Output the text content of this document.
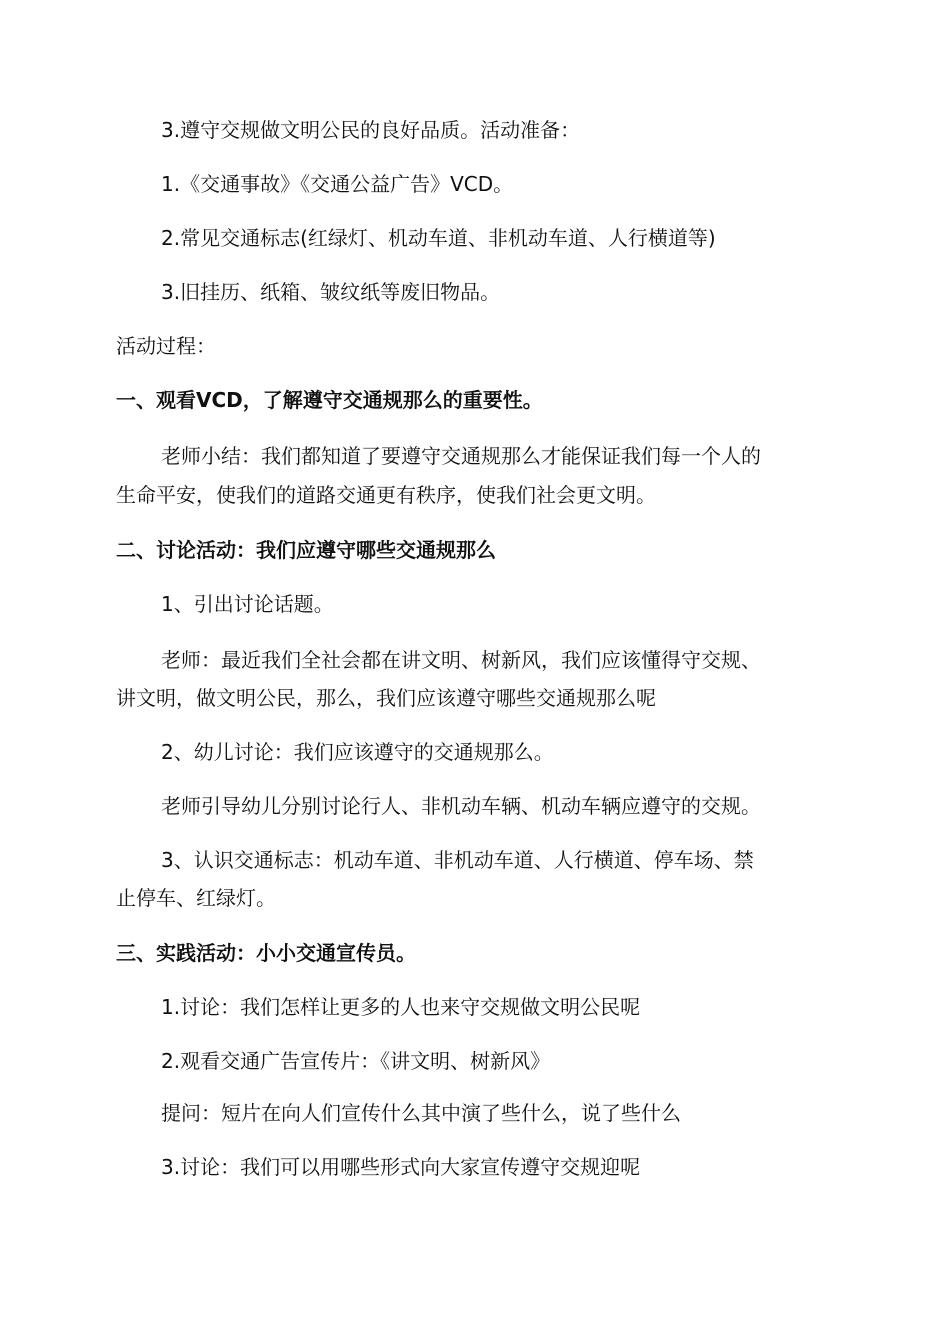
3.遵守交规做文明公民的良好品质。活动准备：

1.《交通事故》《交通公益广告》VCD。

2.常见交通标志(红绿灯、机动车道、非机动车道、人行横道等)

3.旧挂历、纸箱、皱纹纸等废旧物品。

活动过程：

一、观看VCD，了解遵守交通规那么的重要性。

老师小结：我们都知道了要遵守交通规那么才能保证我们每一个人的

生命平安，使我们的道路交通更有秩序，使我们社会更文明。

二、讨论活动：我们应遵守哪些交通规那么

1、引出讨论话题。

老师：最近我们全社会都在讲文明、树新风，我们应该懂得守交规、

讲文明，做文明公民，那么，我们应该遵守哪些交通规那么呢

2、幼儿讨论：我们应该遵守的交通规那么。

老师引导幼儿分别讨论行人、非机动车辆、机动车辆应遵守的交规。

3、认识交通标志：机动车道、非机动车道、人行横道、停车场、禁

止停车、红绿灯。

三、实践活动：小小交通宣传员。

1.讨论：我们怎样让更多的人也来守交规做文明公民呢

2.观看交通广告宣传片：《讲文明、树新风》

提问：短片在向人们宣传什么其中演了些什么，说了些什么

3.讨论：我们可以用哪些形式向大家宣传遵守交规迎呢
